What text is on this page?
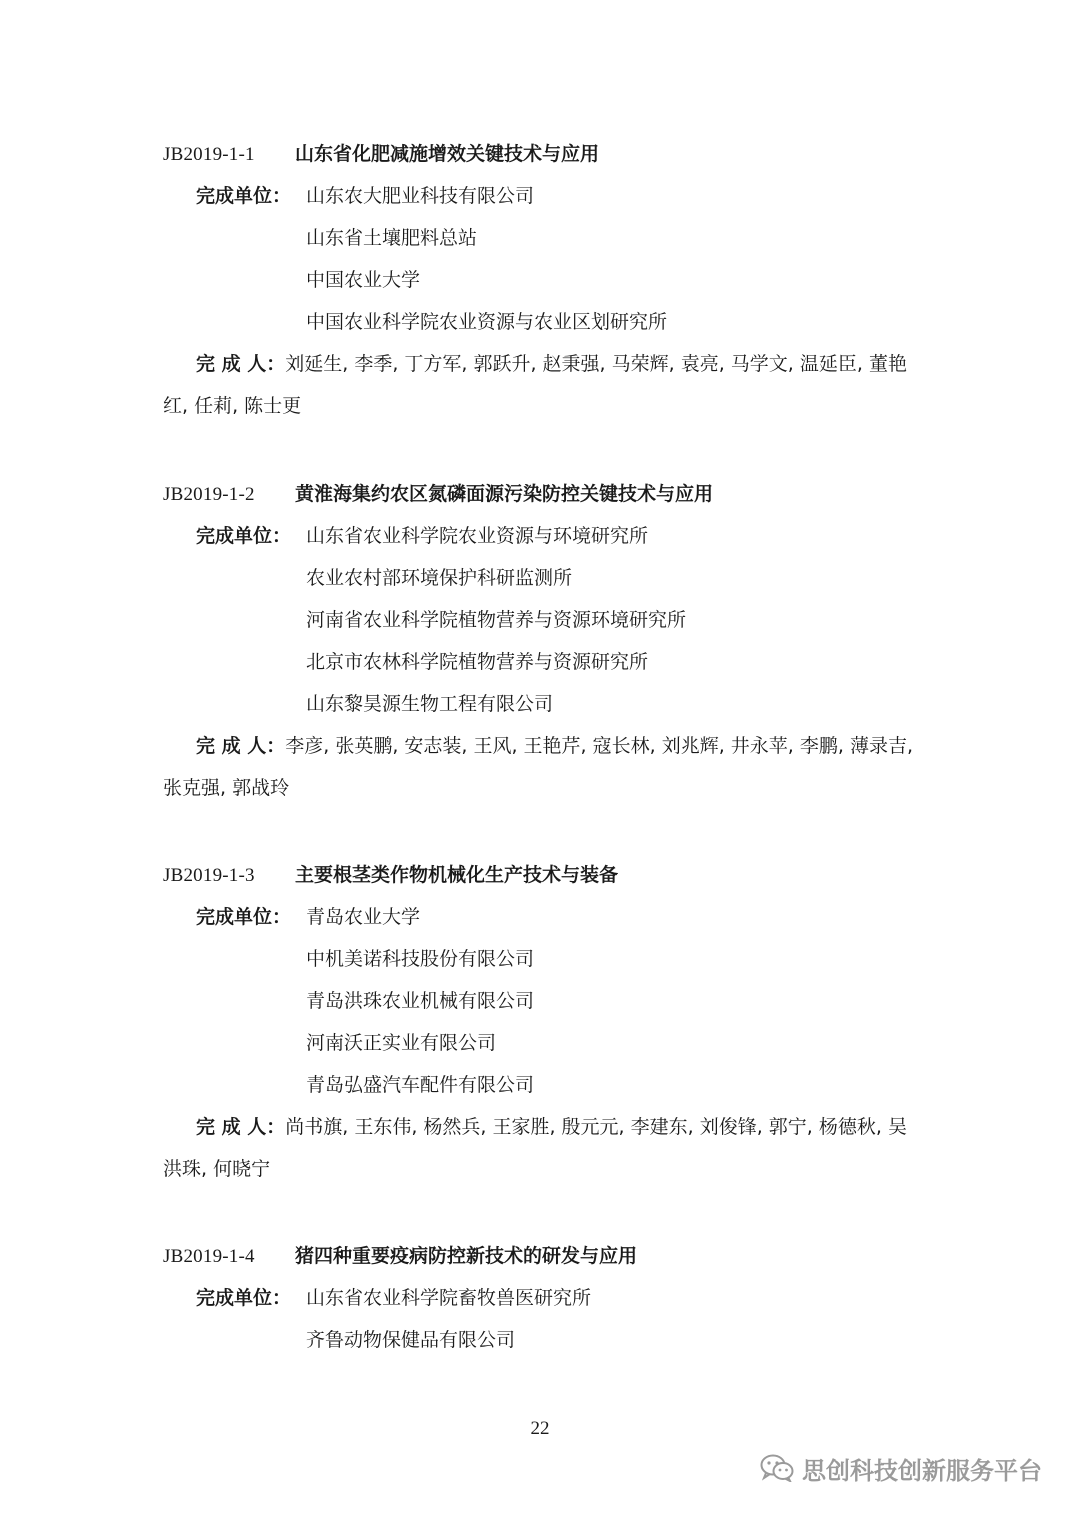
JB2019-1-1 山东省化肥减施增效关键技术与应用
完成单位： 山东农大肥业科技有限公司
山东省土壤肥料总站
中国农业大学
中国农业科学院农业资源与农业区划研究所
完 成 人：刘延生, 李季, 丁方军, 郭跃升, 赵秉强, 马荣辉, 袁亮, 马学文, 温延臣, 董艳红, 任莉, 陈士更
JB2019-1-2 黄淮海集约农区氮磷面源污染防控关键技术与应用
完成单位： 山东省农业科学院农业资源与环境研究所
农业农村部环境保护科研监测所
河南省农业科学院植物营养与资源环境研究所
北京市农林科学院植物营养与资源研究所
山东黎昊源生物工程有限公司
完 成 人：李彦, 张英鹏, 安志装, 王风, 王艳芹, 寇长林, 刘兆辉, 井永苹, 李鹏, 薄录吉, 张克强, 郭战玲
JB2019-1-3 主要根茎类作物机械化生产技术与装备
完成单位： 青岛农业大学
中机美诺科技股份有限公司
青岛洪珠农业机械有限公司
河南沃正实业有限公司
青岛弘盛汽车配件有限公司
完 成 人：尚书旗, 王东伟, 杨然兵, 王家胜, 殷元元, 李建东, 刘俊锋, 郭宁, 杨德秋, 吴洪珠, 何晓宁
JB2019-1-4 猪四种重要疫病防控新技术的研发与应用
完成单位： 山东省农业科学院畜牧兽医研究所
齐鲁动物保健品有限公司
22
思创科技创新服务平台
